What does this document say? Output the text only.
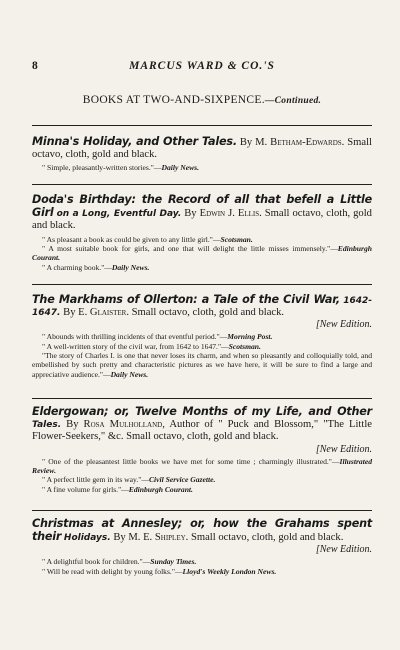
8	MARCUS WARD & CO.'S
BOOKS AT TWO-AND-SIXPENCE.—Continued.
Minna's Holiday, and Other Tales. By M. Betham-Edwards. Small octavo, cloth, gold and black.
" Simple, pleasantly-written stories."—Daily News.
Doda's Birthday: the Record of all that befell a Little Girl on a Long, Eventful Day. By Edwin J. Ellis. Small octavo, cloth, gold and black.
" As pleasant a book as could be given to any little girl."—Scotsman.
" A most suitable book for girls, and one that will delight the little misses immensely."—Edinburgh Courant.
" A charming book."—Daily News.
The Markhams of Ollerton: a Tale of the Civil War, 1642-1647. By E. Glaister. Small octavo, cloth, gold and black.
[New Edition.
" Abounds with thrilling incidents of that eventful period."—Morning Post.
" A well-written story of the civil war, from 1642 to 1647."—Scotsman.
"The story of Charles I. is one that never loses its charm, and when so pleasantly and colloquially told, and embellished by such pretty and characteristic pictures as we have here, it will be sure to find a large and appreciative audience."—Daily News.
Eldergowan; or, Twelve Months of my Life, and Other Tales. By Rosa Mulholland, Author of " Puck and Blossom," "The Little Flower-Seekers," &c. Small octavo, cloth, gold and black.
[New Edition.
" One of the pleasantest little books we have met for some time ; charmingly illustrated."—Illustrated Review.
" A perfect little gem in its way."—Civil Service Gazette.
" A fine volume for girls."—Edinburgh Courant.
Christmas at Annesley; or, how the Grahams spent their Holidays. By M. E. Shipley. Small octavo, cloth, gold and black.
[New Edition.
" A delightful book for children."—Sunday Times.
" Will be read with delight by young folks."—Lloyd's Weekly London News.
